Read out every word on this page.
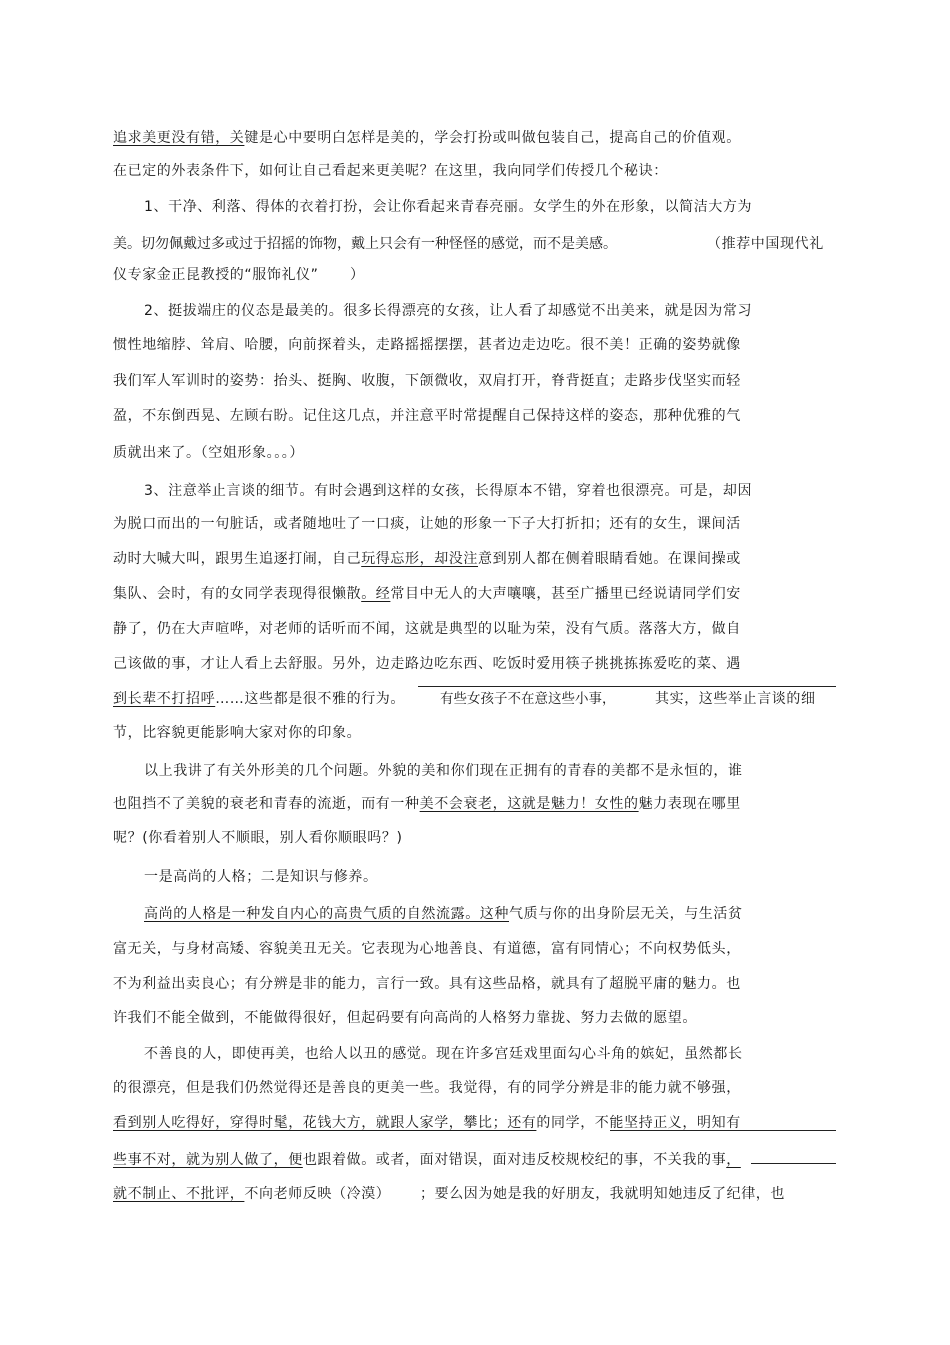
追求美更没有错，关键是心中要明白怎样是美的，学会打扮或叫做包装自己，提高自己的价值观。
在已定的外表条件下，如何让自己看起来更美呢？在这里，我向同学们传授几个秘诀：
1、干净、利落、得体的衣着打扮，会让你看起来青春亮丽。女学生的外在形象，以简洁大方为
美。切勿佩戴过多或过于招摇的饰物，戴上只会有一种怪怪的感觉，而不是美感。	（推荐中国现代礼
仪专家金正昆教授的“服饰礼仪”	）
2、挺拔端庄的仪态是最美的。很多长得漂亮的女孩，让人看了却感觉不出美来，就是因为常习
惯性地缩脖、耸肩、哈腰，向前探着头，走路摇摇摆摆，甚者边走边吃。很不美！正确的姿势就像
我们军人军训时的姿势：抬头、挺胸、收腹，下颌微收，双肩打开，脊背挺直；走路步伐坚实而轻
盈，不东倒西晃、左顾右盼。记住这几点，并注意平时常提醒自己保持这样的姿态，那种优雅的气
质就出来了。（空姐形象。。。）
3、注意举止言谈的细节。有时会遇到这样的女孩，长得原本不错，穿着也很漂亮。可是，却因
为脱口而出的一句脏话，或者随地吐了一口痰，让她的形象一下子大打折扣；还有的女生，课间活
动时大喊大叫，跟男生追逐打闹，自己玩得忘形，却没注意到别人都在侧着眼睛看她。在课间操或
集队、会时，有的女同学表现得很懒散。经常目中无人的大声嚷嚷，甚至广播里已经说请同学们安
静了，仍在大声喧哗，对老师的话听而不闻，这就是典型的以耻为荣，没有气质。落落大方，做自
己该做的事，才让人看上去舒服。另外，边走路边吃东西、吃饭时爱用筷子挑挑拣拣爱吃的菜、遇
到长辈不打招呼……这些都是很不雅的行为。	有些女孩子不在意这些小事，	其实，这些举止言谈的细
节，比容貌更能影响大家对你的印象。
以上我讲了有关外形美的几个问题。外貌的美和你们现在正拥有的青春的美都不是永恒的，谁
也阻挡不了美貌的衰老和青春的流逝，而有一种美不会衰老，这就是魅力！女性的魅力表现在哪里
呢？(你看着别人不顺眼，别人看你顺眼吗？)
一是高尚的人格；二是知识与修养。
高尚的人格是一种发自内心的高贵气质的自然流露。这种气质与你的出身阶层无关，与生活贫
富无关，与身材高矮、容貌美丑无关。它表现为心地善良、有道德，富有同情心；不向权势低头，
不为利益出卖良心；有分辨是非的能力，言行一致。具有这些品格，就具有了超脱平庸的魅力。也
许我们不能全做到，不能做得很好，但起码要有向高尚的人格努力靠拢、努力去做的愿望。
不善良的人，即使再美，也给人以丑的感觉。现在许多宫廷戏里面勾心斗角的嫔妃，虽然都长
的很漂亮，但是我们仍然觉得还是善良的更美一些。我觉得，有的同学分辨是非的能力就不够强，
看到别人吃得好，穿得时髦，花钱大方，就跟人家学，攀比；还有的同学，不能坚持正义，明知有
些事不对，就为别人做了，便也跟着做。或者，面对错误，面对违反校规校纪的事，不关我的事，
就不制止、不批评，不向老师反映（冷漠） ；要么因为她是我的好朋友，我就明知她违反了纪律，也
